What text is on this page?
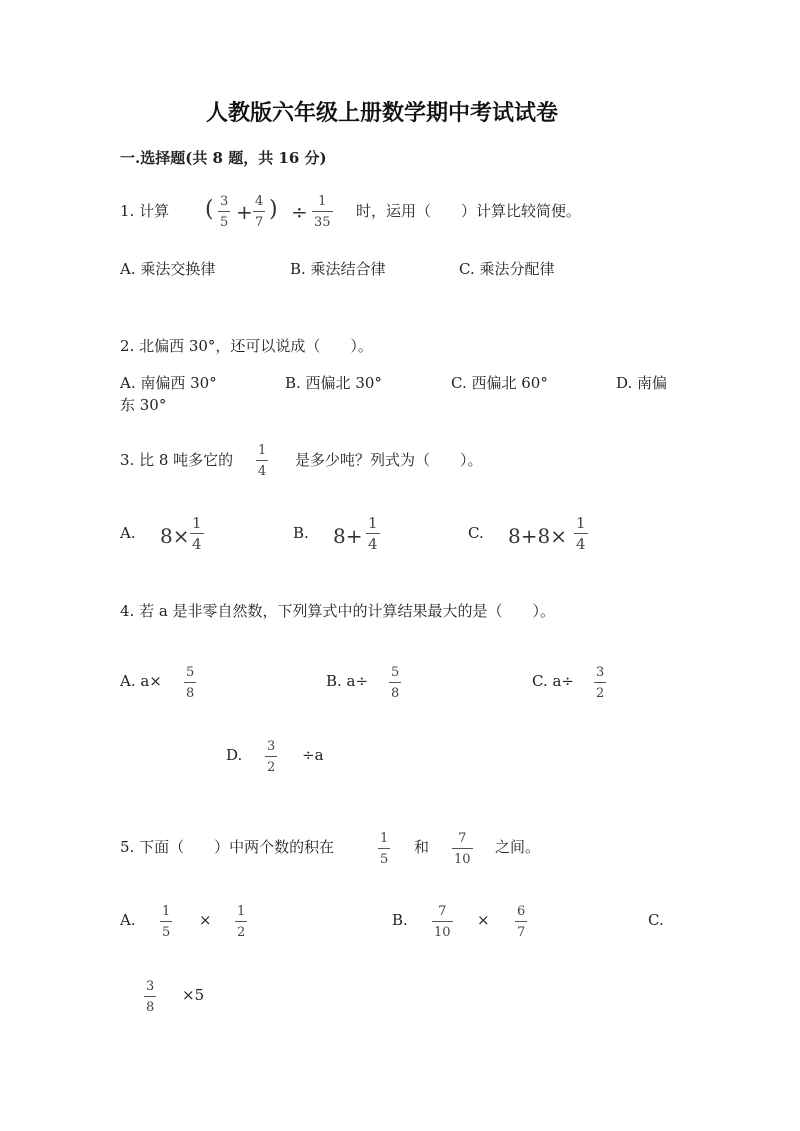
人教版六年级上册数学期中考试试卷
一.选择题(共 8 题，共 16 分)
1. 计算 ( 3
5 + 4
7
) ÷ 1
35
时，运用（　　）计算比较简便。
A. 乘法交换律	B. 乘法结合律	C. 乘法分配律
2. 北偏西 30°，还可以说成（　　）。
A. 南偏西 30°	B. 西偏北 30°	C. 西偏北 60°	D. 南偏
东 30°
3. 比 8 吨多它的
1
4
是多少吨？列式为（　　）。
A. 8×
1
4
B. 8+
1
4
C. 8+8×
1
4
4. 若 a 是非零自然数，下列算式中的计算结果最大的是（　　）。
A. a× 5
8
B. a÷ 5
8
C. a÷ 3
2
D. 3
2
÷a
5. 下面（　　）中两个数的积在	1
5
和 7
10
之间。
A. 1
5
× 1
2
B. 7
10
× 6
7
C.
3
8
×5
